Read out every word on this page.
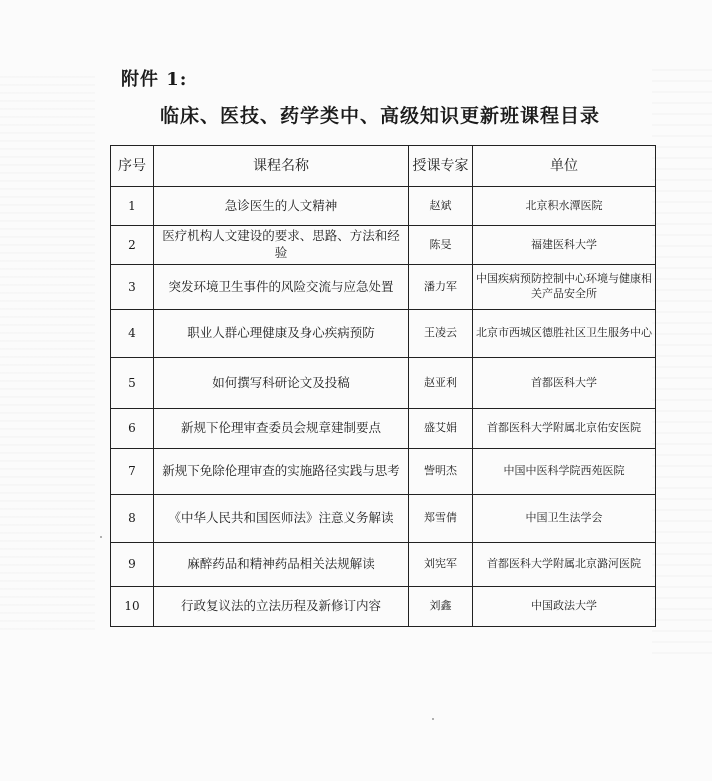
附件 1:
临床、医技、药学类中、高级知识更新班课程目录
序号	课程名称	授课专家	单位
1	急诊医生的人文精神	赵斌	北京积水潭医院
2	医疗机构人文建设的要求、思路、方法和经验	陈旻	福建医科大学
3	突发环境卫生事件的风险交流与应急处置	潘力军	中国疾病预防控制中心环境与健康相关产品安全所
4	职业人群心理健康及身心疾病预防	王凌云	北京市西城区德胜社区卫生服务中心
5	如何撰写科研论文及投稿	赵亚利	首都医科大学
6	新规下伦理审查委员会规章建制要点	盛艾娟	首都医科大学附属北京佑安医院
7	新规下免除伦理审查的实施路径实践与思考	訾明杰	中国中医科学院西苑医院
8	《中华人民共和国医师法》注意义务解读	郑雪倩	中国卫生法学会
9	麻醉药品和精神药品相关法规解读	刘宪军	首都医科大学附属北京潞河医院
10	行政复议法的立法历程及新修订内容	刘鑫	中国政法大学
